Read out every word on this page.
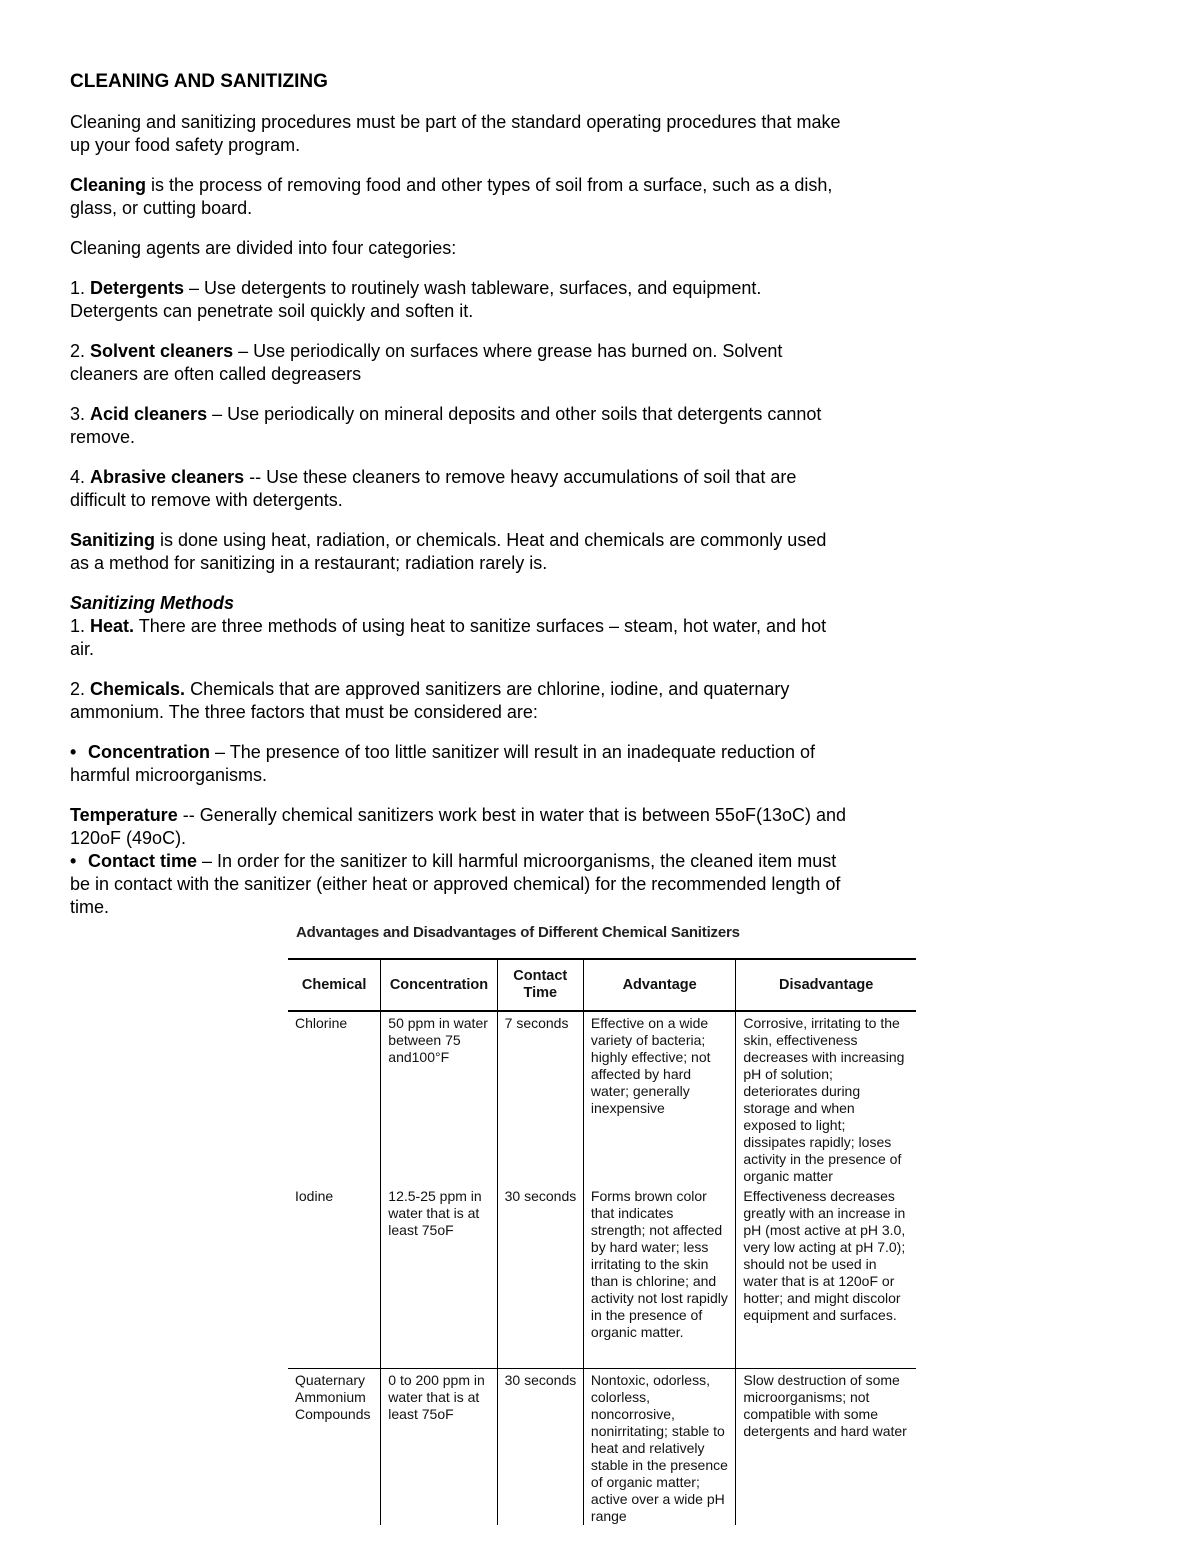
CLEANING AND SANITIZING

Cleaning and sanitizing procedures must be part of the standard operating procedures that make up your food safety program.

Cleaning is the process of removing food and other types of soil from a surface, such as a dish, glass, or cutting board.

Cleaning agents are divided into four categories:

1. Detergents – Use detergents to routinely wash tableware, surfaces, and equipment. Detergents can penetrate soil quickly and soften it.

2. Solvent cleaners – Use periodically on surfaces where grease has burned on. Solvent cleaners are often called degreasers

3. Acid cleaners – Use periodically on mineral deposits and other soils that detergents cannot remove.

4. Abrasive cleaners -- Use these cleaners to remove heavy accumulations of soil that are difficult to remove with detergents.

Sanitizing is done using heat, radiation, or chemicals. Heat and chemicals are commonly used as a method for sanitizing in a restaurant; radiation rarely is.

Sanitizing Methods

1. Heat. There are three methods of using heat to sanitize surfaces – steam, hot water, and hot air.

2. Chemicals. Chemicals that are approved sanitizers are chlorine, iodine, and quaternary ammonium. The three factors that must be considered are:

• Concentration – The presence of too little sanitizer will result in an inadequate reduction of harmful microorganisms.

Temperature -- Generally chemical sanitizers work best in water that is between 55oF(13oC) and 120oF (49oC).

• Contact time – In order for the sanitizer to kill harmful microorganisms, the cleaned item must be in contact with the sanitizer (either heat or approved chemical) for the recommended length of time.

Advantages and Disadvantages of Different Chemical Sanitizers
Chemical	Concentration	Contact Time	Advantage	Disadvantage
Chlorine	50 ppm in water between 75 and100°F	7 seconds	Effective on a wide variety of bacteria; highly effective; not affected by hard water; generally inexpensive	Corrosive, irritating to the skin, effectiveness decreases with increasing pH of solution; deteriorates during storage and when exposed to light; dissipates rapidly; loses activity in the presence of organic matter
Iodine	12.5-25 ppm in water that is at least 75oF	30 seconds	Forms brown color that indicates strength; not affected by hard water; less irritating to the skin than is chlorine; and activity not lost rapidly in the presence of organic matter.	Effectiveness decreases greatly with an increase in pH (most active at pH 3.0, very low acting at pH 7.0); should not be used in water that is at 120oF or hotter; and might discolor equipment and surfaces.
Quaternary Ammonium Compounds	0 to 200 ppm in water that is at least 75oF	30 seconds	Nontoxic, odorless, colorless, noncorrosive, nonirritating; stable to heat and relatively stable in the presence of organic matter; active over a wide pH range	Slow destruction of some microorganisms; not compatible with some detergents and hard water
